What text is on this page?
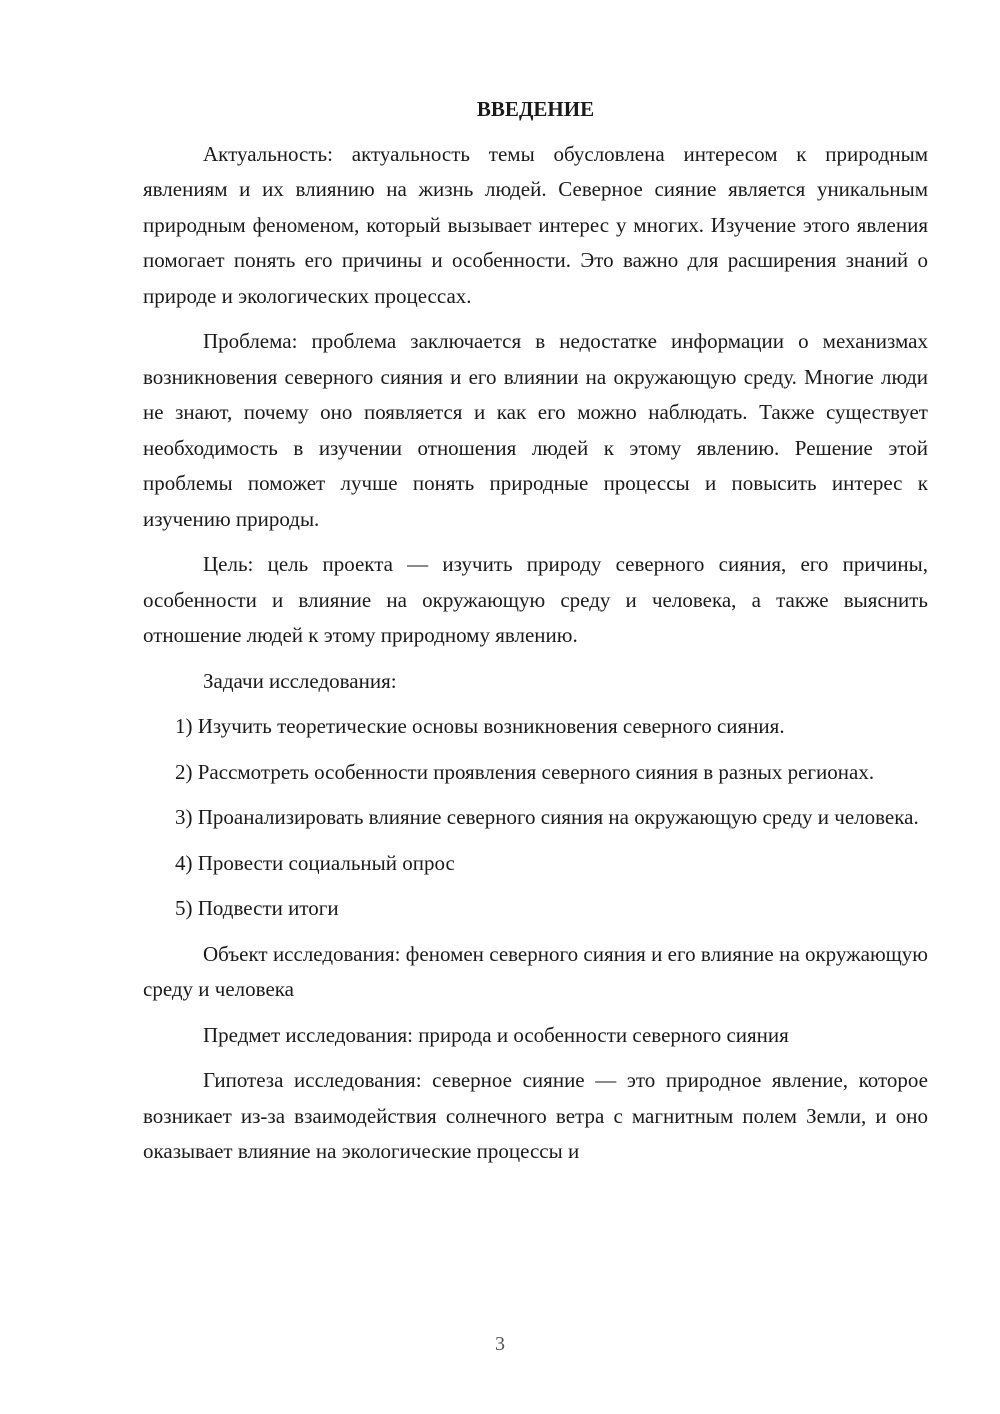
ВВЕДЕНИЕ

Актуальность: актуальность темы обусловлена интересом к природным явлениям и их влиянию на жизнь людей. Северное сияние является уникальным природным феноменом, который вызывает интерес у многих. Изучение этого явления помогает понять его причины и особенности. Это важно для расширения знаний о природе и экологических процессах.

Проблема: проблема заключается в недостатке информации о механизмах возникновения северного сияния и его влиянии на окружающую среду. Многие люди не знают, почему оно появляется и как его можно наблюдать. Также существует необходимость в изучении отношения людей к этому явлению. Решение этой проблемы поможет лучше понять природные процессы и повысить интерес к изучению природы.

Цель: цель проекта — изучить природу северного сияния, его причины, особенности и влияние на окружающую среду и человека, а также выяснить отношение людей к этому природному явлению.

Задачи исследования:

1) Изучить теоретические основы возникновения северного сияния.

2) Рассмотреть особенности проявления северного сияния в разных регионах.

3) Проанализировать влияние северного сияния на окружающую среду и человека.

4) Провести социальный опрос

5) Подвести итоги

Объект исследования: феномен северного сияния и его влияние на окружающую среду и человека

Предмет исследования: природа и особенности северного сияния

Гипотеза исследования: северное сияние — это природное явление, которое возникает из-за взаимодействия солнечного ветра с магнитным полем Земли, и оно оказывает влияние на экологические процессы и

3
